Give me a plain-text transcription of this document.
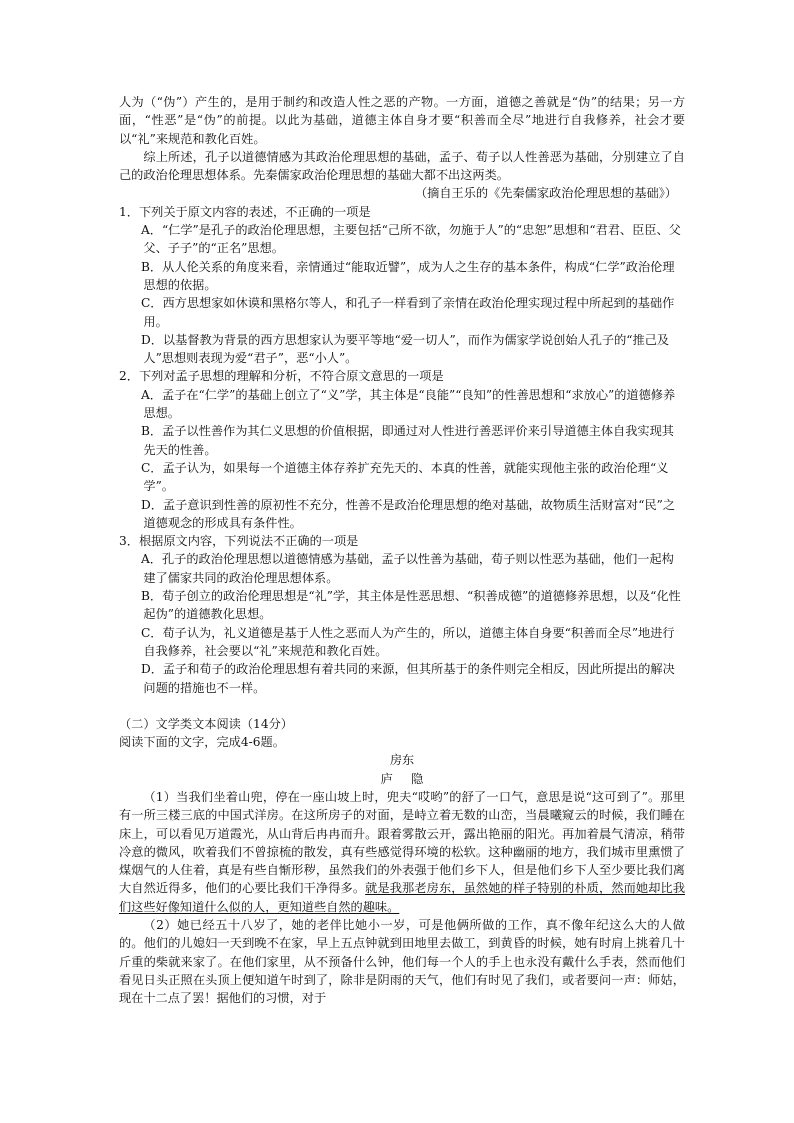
人为（“伪”）产生的，是用于制约和改造人性之恶的产物。一方面，道德之善就是“伪”的结果；另一方面，“性恶”是“伪”的前提。以此为基础，道德主体自身才要“积善而全尽”地进行自我修养，社会才要以“礼”来规范和教化百姓。

综上所述，孔子以道德情感为其政治伦理思想的基础，孟子、荀子以人性善恶为基础，分别建立了自己的政治伦理思想体系。先秦儒家政治伦理思想的基础大都不出这两类。

（摘自王乐的《先秦儒家政治伦理思想的基础》）

1．下列关于原文内容的表述，不正确的一项是

A．“仁学”是孔子的政治伦理思想，主要包括“己所不欲，勿施于人”的“忠恕”思想和“君君、臣臣、父父、子子”的“正名”思想。

B．从人伦关系的角度来看，亲情通过“能取近譬”，成为人之生存的基本条件，构成“仁学”政治伦理思想的依据。

C．西方思想家如休谟和黑格尔等人，和孔子一样看到了亲情在政治伦理实现过程中所起到的基础作用。

D．以基督教为背景的西方思想家认为要平等地“爱一切人”，而作为儒家学说创始人孔子的“推己及人”思想则表现为爱“君子”，恶“小人”。

2．下列对孟子思想的理解和分析，不符合原文意思的一项是

A．孟子在“仁学”的基础上创立了“义”学，其主体是“良能”“良知”的性善思想和“求放心”的道德修养思想。

B．孟子以性善作为其仁义思想的价值根据，即通过对人性进行善恶评价来引导道德主体自我实现其先天的性善。

C．孟子认为，如果每一个道德主体存养扩充先天的、本真的性善，就能实现他主张的政治伦理“义学”。

D．孟子意识到性善的原初性不充分，性善不是政治伦理思想的绝对基础，故物质生活财富对“民”之道德观念的形成具有条件性。

3．根据原文内容，下列说法不正确的一项是

A．孔子的政治伦理思想以道德情感为基础，孟子以性善为基础，荀子则以性恶为基础，他们一起构建了儒家共同的政治伦理思想体系。

B．荀子创立的政治伦理思想是“礼”学，其主体是性恶思想、“积善成德”的道德修养思想，以及“化性起伪”的道德教化思想。

C．荀子认为，礼义道德是基于人性之恶而人为产生的，所以，道德主体自身要“积善而全尽”地进行自我修养，社会要以“礼”来规范和教化百姓。

D．孟子和荀子的政治伦理思想有着共同的来源，但其所基于的条件则完全相反，因此所提出的解决问题的措施也不一样。

（二）文学类文本阅读（14分）

阅读下面的文字，完成4-6题。

房东

庐隐

（1）当我们坐着山兜，停在一座山坡上时，兜夫“哎哟”的舒了一口气，意思是说“这可到了”。那里有一所三楼三底的中国式洋房。在这所房子的对面，是峙立着无数的山峦，当晨曦窥云的时候，我们睡在床上，可以看见万道霞光，从山背后冉冉而升。跟着雾散云开，露出艳丽的阳光。再加着晨气清凉，稍带冷意的微风，吹着我们不曾掠梳的散发，真有些感觉得环境的松软。这种幽丽的地方，我们城市里熏惯了煤烟气的人住着，真是有些自惭形秽，虽然我们的外表强于他们乡下人，但是他们乡下人至少要比我们离大自然近得多，他们的心要比我们干净得多。就是我那老房东，虽然她的样子特别的朴质，然而她却比我们这些好像知道什么似的人，更知道些自然的趣味。

（2）她已经五十八岁了，她的老伴比她小一岁，可是他俩所做的工作，真不像年纪这么大的人做的。他们的儿媳妇一天到晚不在家，早上五点钟就到田地里去做工，到黄昏的时候，她有时肩上挑着几十斤重的柴就来家了。在他们家里，从不预备什么钟，他们每一个人的手上也永没有戴什么手表，然而他们看见日头正照在头顶上便知道午时到了，除非是阴雨的天气，他们有时见了我们，或者要问一声：师姑，现在十二点了罢！据他们的习惯，对于
